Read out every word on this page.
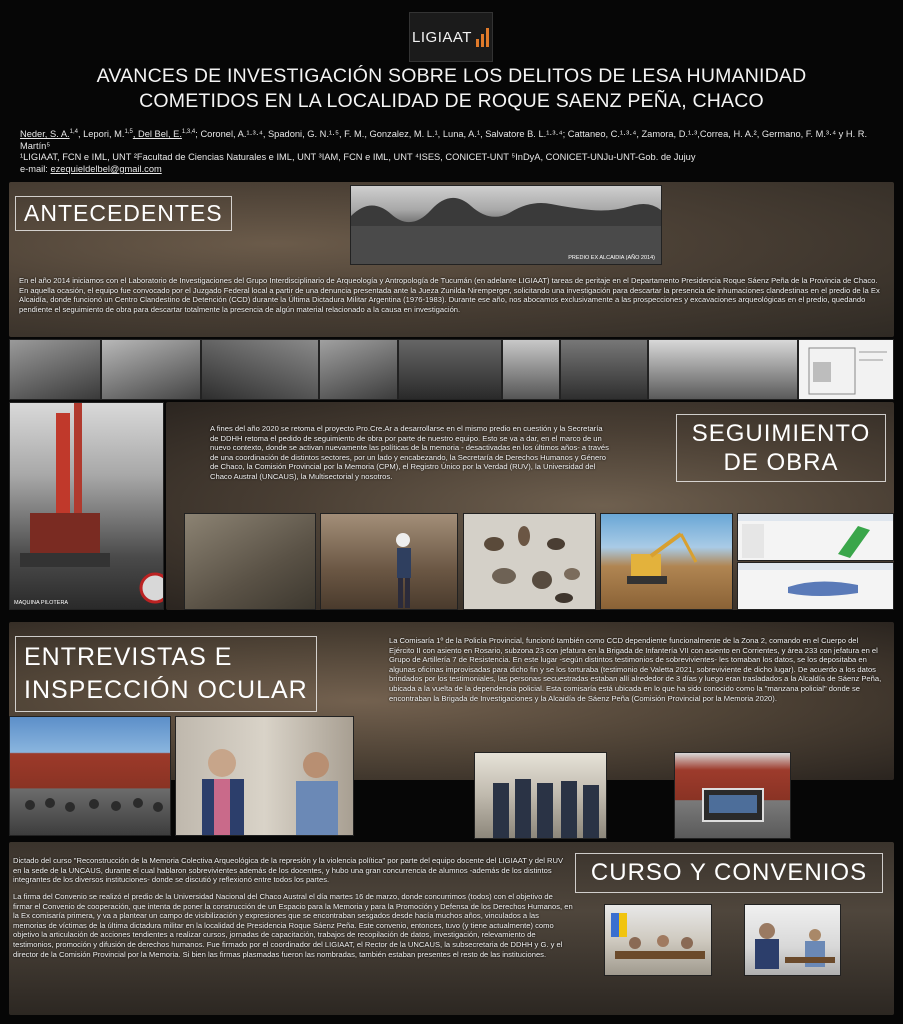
LIGIAAT
AVANCES DE INVESTIGACIÓN SOBRE LOS DELITOS DE LESA HUMANIDAD
COMETIDOS EN LA LOCALIDAD DE ROQUE SAENZ PEÑA, CHACO
Neder, S. A.$^{1,4}$, Lepori, M.$^{1,5}$, Del Bel, E.$^{1,3,4}$; Coronel, A.¹·³·⁴, Spadoni, G. N.¹·⁵, F. M., Gonzalez, M. L.¹, Luna, A.¹, Salvatore B. L.¹·³·⁴; Cattaneo, C.¹·³·⁴, Zamora, D.¹·³,Correa, H. A.², Germano, F. M.³·⁴ y H. R. Martín⁵
¹LIGIAAT, FCN e IML, UNT ²Facultad de Ciencias Naturales e IML, UNT ³IAM, FCN e IML, UNT ⁴ISES, CONICET-UNT ⁵InDyA, CONICET-UNJu-UNT-Gob. de Jujuy
e-mail: ezequieldelbel@gmail.com
ANTECEDENTES
PREDIO EX ALCAIDIA (AÑO 2014)
En el año 2014 iniciamos con el Laboratorio de Investigaciones del Grupo Interdisciplinario de Arqueología y Antropología de Tucumán (en adelante LIGIAAT) tareas de peritaje en el Departamento Presidencia Roque Sáenz Peña de la Provincia de Chaco. En aquella ocasión, el equipo fue convocado por el Juzgado Federal local a partir de una denuncia presentada ante la Jueza Zunilda Niremperger, solicitando una investigación para descartar la presencia de inhumaciones clandestinas en el predio de la Ex Alcaidía, donde funcionó un Centro Clandestino de Detención (CCD) durante la Última Dictadura Militar Argentina (1976-1983). Durante ese año, nos abocamos exclusivamente a las prospecciones y excavaciones arqueológicas en el predio, quedando pendiente el seguimiento de obra para descartar totalmente la presencia de algún material relacionado a la causa en investigación.
A fines del año 2020 se retoma el proyecto Pro.Cre.Ar a desarrollarse en el mismo predio en cuestión y la Secretaría de DDHH retoma el pedido de seguimiento de obra por parte de nuestro equipo. Esto se va a dar, en el marco de un nuevo contexto, donde se activan nuevamente las políticas de la memoria - desactivadas en los últimos años- a través de una coordinación de distintos sectores, por un lado y encabezando, la Secretaría de Derechos Humanos y Género de Chaco, la Comisión Provincial por la Memoria (CPM), el Registro Único por la Verdad (RUV), la Universidad del Chaco Austral (UNCAUS), la Multisectorial y nosotros.
SEGUIMIENTO
DE OBRA
MAQUINA PILOTERA
ENTREVISTAS E
INSPECCIÓN OCULAR
La Comisaría 1º de la Policía Provincial, funcionó también como CCD dependiente funcionalmente de la Zona 2, comando en el Cuerpo del Ejército II con asiento en Rosario, subzona 23 con jefatura en la Brigada de Infantería VII con asiento en Corrientes, y área 233 con jefatura en el Grupo de Artillería 7 de Resistencia. En este lugar -según distintos testimonios de sobrevivientes- les tomaban los datos, se los depositaba en algunas oficinas improvisadas para dicho fin y se los torturaba (testimonio de Valetta 2021, sobreviviente de dicho lugar). De acuerdo a los datos brindados por los testimoniales, las personas secuestradas estaban allí alrededor de 3 días y luego eran trasladados a la Alcaldía de Sáenz Peña, ubicada a la vuelta de la dependencia policial. Esta comisaría está ubicada en lo que ha sido conocido como la "manzana policial" donde se encontraban la Brigada de Investigaciones y la Alcaidía de Sáenz Peña (Comisión Provincial por la Memoria 2020).
Dictado del curso "Reconstrucción de la Memoria Colectiva Arqueológica de la represión y la violencia política" por parte del equipo docente del LIGIAAT y del RUV en la sede de la UNCAUS, durante el cual hablaron sobrevivientes además de los docentes, y hubo una gran concurrencia de alumnos -además de los distintos integrantes de los diversos instituciones- donde se discutió y reflexionó entre todos los partes.
La firma del Convenio se realizó el predio de la Universidad Nacional del Chaco Austral el día martes 16 de marzo, donde concurrimos (todos) con el objetivo de firmar el Convenio de cooperación, que intenta de poner la construcción de un Espacio para la Memoria y para la Promoción y Defensa de los Derechos Humanos, en la Ex comisaría primera, y va a plantear un campo de visibilización y expresiones que se encontraban sesgados desde hacía muchos años, vinculados a las memorias de víctimas de la última dictadura militar en la localidad de Presidencia Roque Sáenz Peña. Este convenio, entonces, tuvo (y tiene actualmente) como objetivo la articulación de acciones tendientes a realizar cursos, jornadas de capacitación, trabajos de recopilación de datos, investigación, relevamiento de testimonios, promoción y difusión de derechos humanos. Fue firmado por el coordinador del LIGIAAT, el Rector de la UNCAUS, la subsecretaria de DDHH y G. y el director de la Comisión Provincial por la Memoria. Si bien las firmas plasmadas fueron las nombradas, también estaban presentes el resto de las instituciones.
CURSO Y CONVENIOS
